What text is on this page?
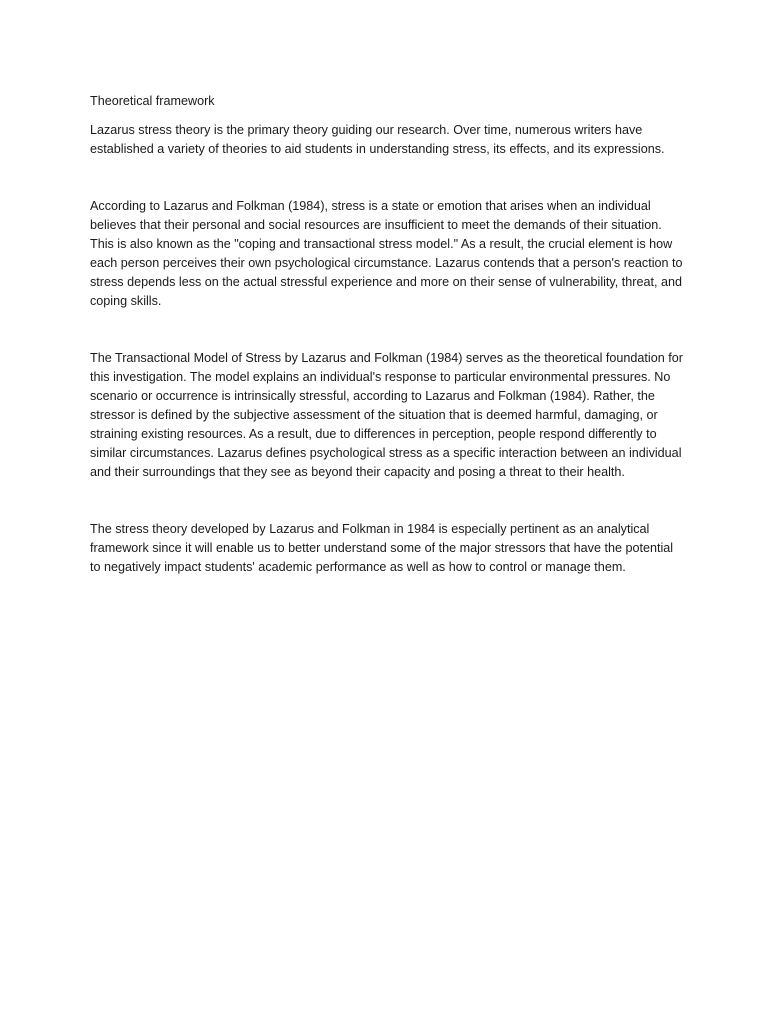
Theoretical framework

Lazarus stress theory is the primary theory guiding our research. Over time, numerous writers have established a variety of theories to aid students in understanding stress, its effects, and its expressions.

According to Lazarus and Folkman (1984), stress is a state or emotion that arises when an individual believes that their personal and social resources are insufficient to meet the demands of their situation. This is also known as the "coping and transactional stress model." As a result, the crucial element is how each person perceives their own psychological circumstance. Lazarus contends that a person's reaction to stress depends less on the actual stressful experience and more on their sense of vulnerability, threat, and coping skills.

The Transactional Model of Stress by Lazarus and Folkman (1984) serves as the theoretical foundation for this investigation. The model explains an individual's response to particular environmental pressures. No scenario or occurrence is intrinsically stressful, according to Lazarus and Folkman (1984). Rather, the stressor is defined by the subjective assessment of the situation that is deemed harmful, damaging, or straining existing resources. As a result, due to differences in perception, people respond differently to similar circumstances. Lazarus defines psychological stress as a specific interaction between an individual and their surroundings that they see as beyond their capacity and posing a threat to their health.

The stress theory developed by Lazarus and Folkman in 1984 is especially pertinent as an analytical framework since it will enable us to better understand some of the major stressors that have the potential to negatively impact students' academic performance as well as how to control or manage them.
